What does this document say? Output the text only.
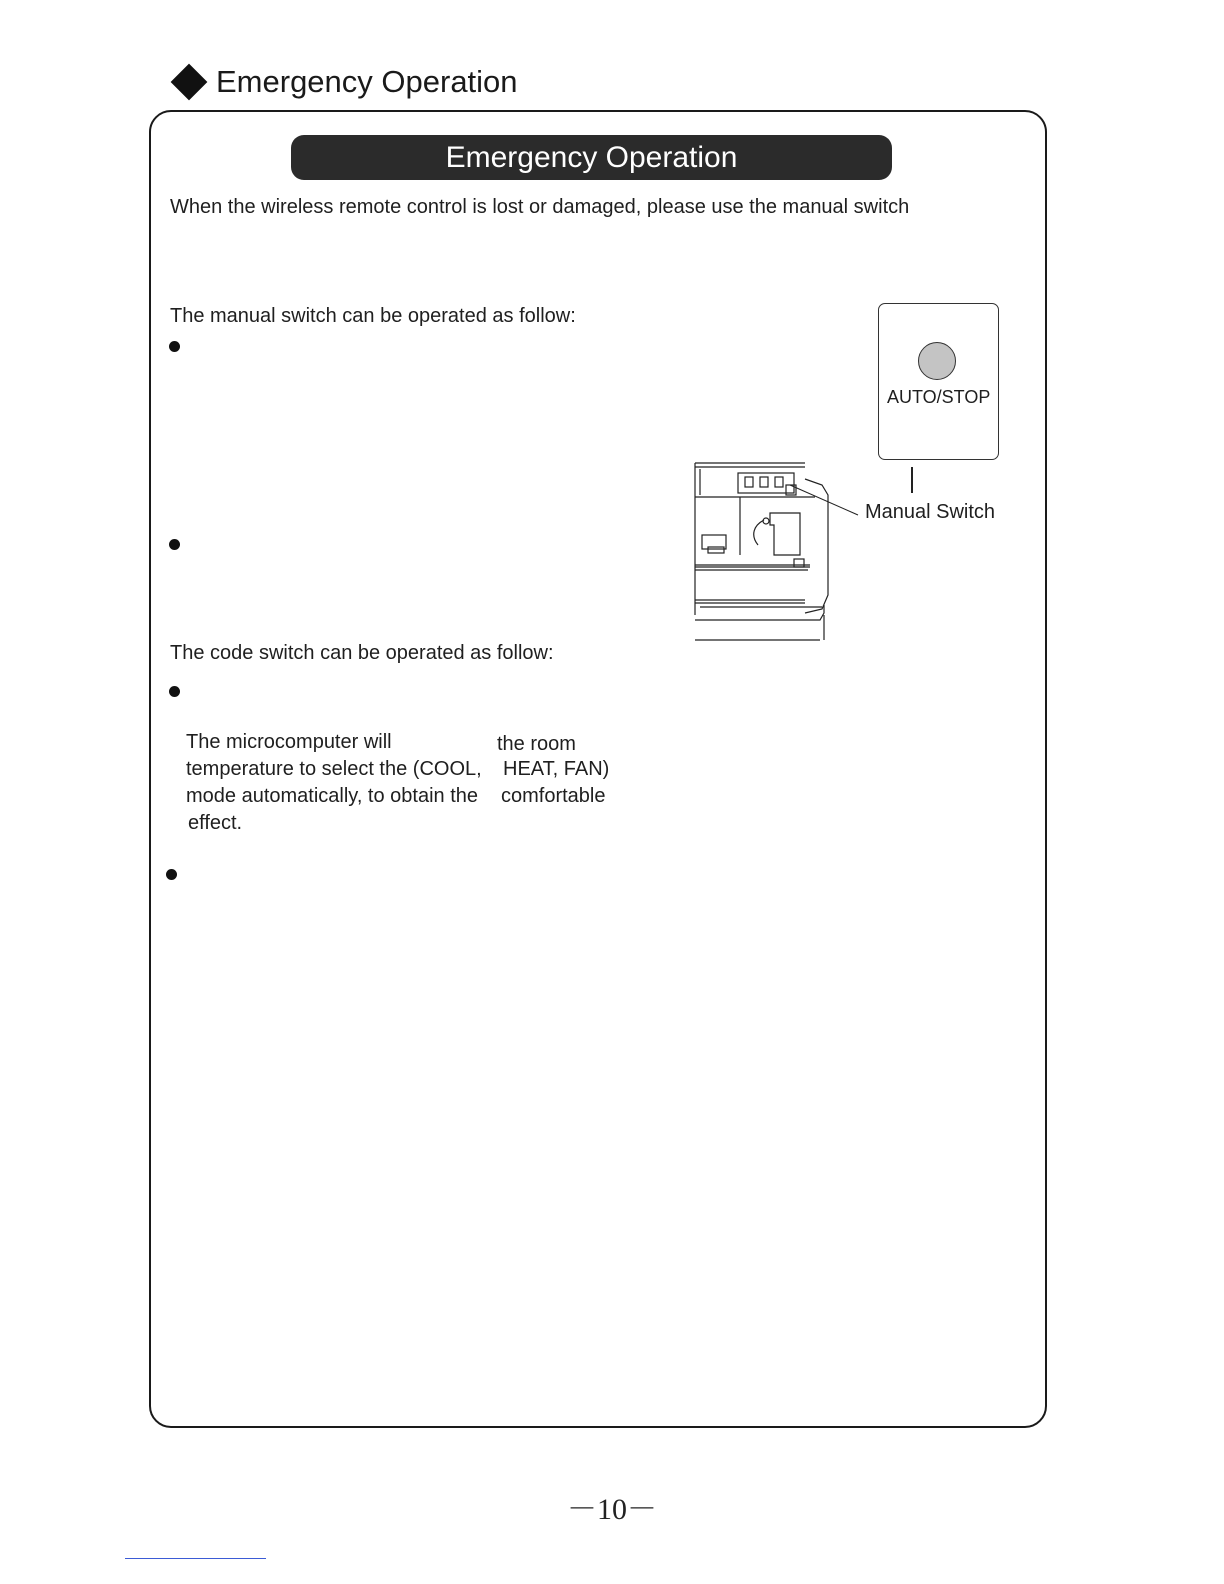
Emergency Operation
Emergency Operation
When the wireless remote control is lost or damaged, please use the manual switch
The manual switch can be operated as follow:
The code switch can be operated as follow:
The microcomputer will	the room
temperature to select the (COOL, HEAT, FAN)
mode automatically, to obtain the comfortable
effect.
AUTO/STOP
Manual Switch
－10－
